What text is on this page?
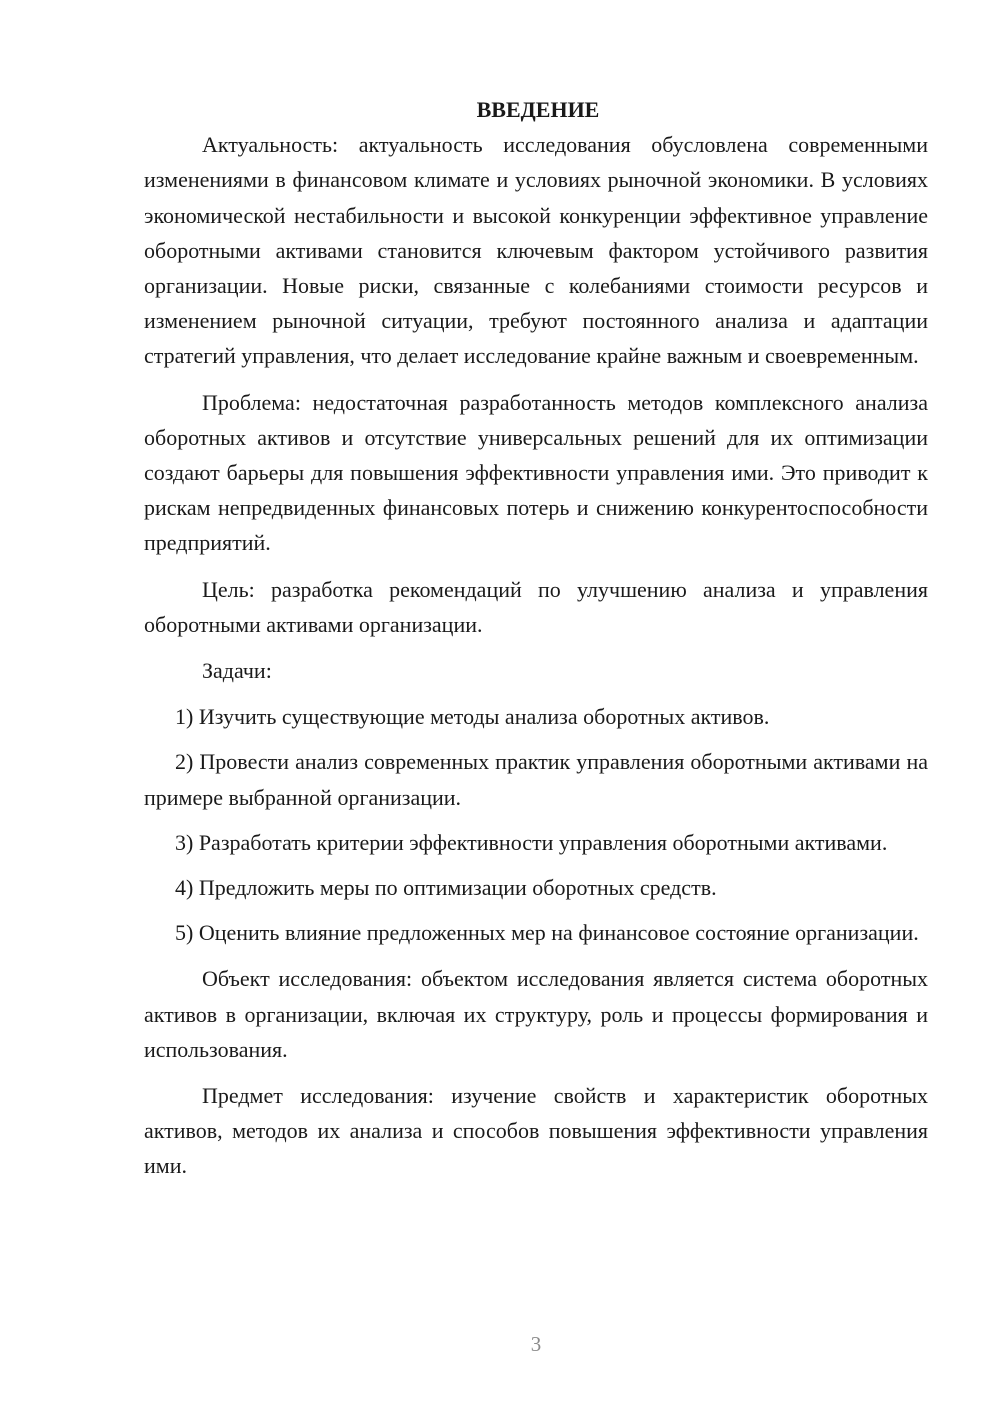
ВВЕДЕНИЕ

Актуальность: актуальность исследования обусловлена современными изменениями в финансовом климате и условиях рыночной экономики. В условиях экономической нестабильности и высокой конкуренции эффективное управление оборотными активами становится ключевым фактором устойчивого развития организации. Новые риски, связанные с колебаниями стоимости ресурсов и изменением рыночной ситуации, требуют постоянного анализа и адаптации стратегий управления, что делает исследование крайне важным и своевременным.

Проблема: недостаточная разработанность методов комплексного анализа оборотных активов и отсутствие универсальных решений для их оптимизации создают барьеры для повышения эффективности управления ими. Это приводит к рискам непредвиденных финансовых потерь и снижению конкурентоспособности предприятий.

Цель: разработка рекомендаций по улучшению анализа и управления оборотными активами организации.

Задачи:

1) Изучить существующие методы анализа оборотных активов.

2) Провести анализ современных практик управления оборотными активами на примере выбранной организации.

3) Разработать критерии эффективности управления оборотными активами.

4) Предложить меры по оптимизации оборотных средств.

5) Оценить влияние предложенных мер на финансовое состояние организации.

Объект исследования: объектом исследования является система оборотных активов в организации, включая их структуру, роль и процессы формирования и использования.

Предмет исследования: изучение свойств и характеристик оборотных активов, методов их анализа и способов повышения эффективности управления ими.

3
